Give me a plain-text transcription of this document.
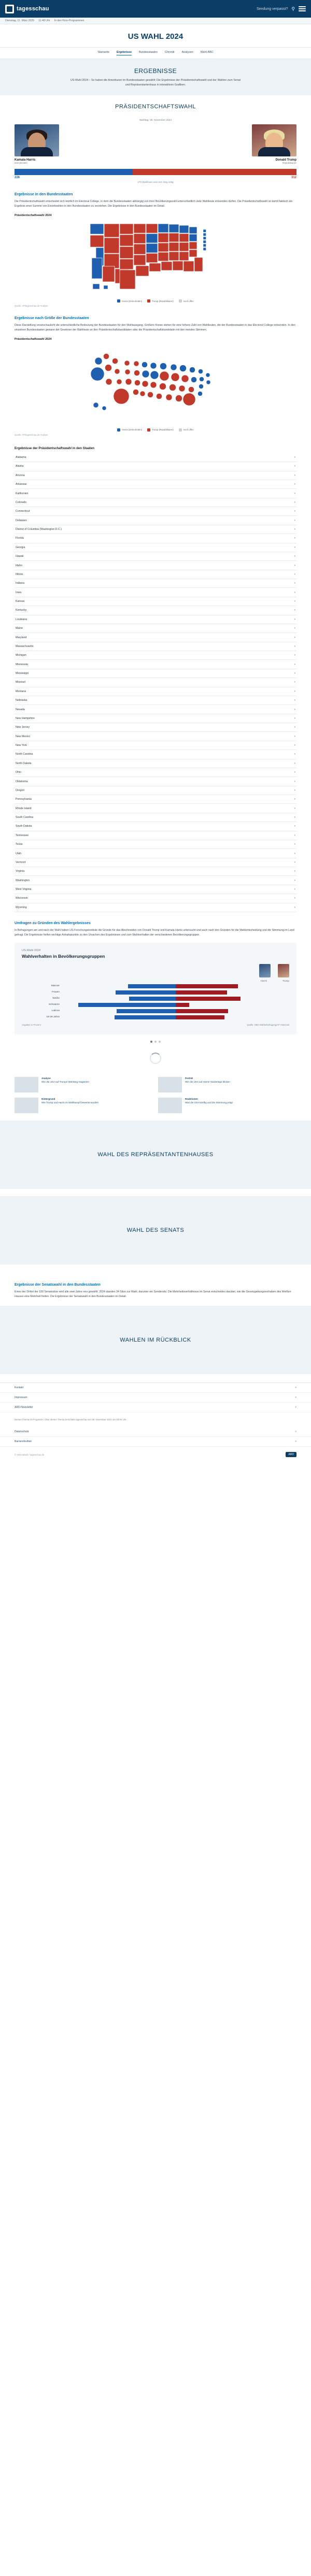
tagesschau	Sendung verpasst? ⚲
Dienstag, 11. März 2025 11:48 Uhr In den Kino-Programmen
US WAHL 2024
Startseite	Ergebnisse	Bundesstaaten	Chronik	Analysen	Wahl-ABC
ERGEBNISSE

US-Wahl 2024 – So haben die Amerikaner im Bundesstaaten gewählt: Die Ergebnisse der Präsidentschaftswahl und der Wahlen zum Senat und Repräsentantenhaus in interaktiven Grafiken.

PRÄSIDENTSCHAFTSWAHL
Wahltag: 05. November 2024
Kamala Harris
Demokraten
Donald Trump
Republikaner
226	312
270 Wahlleute sind zum Sieg nötig
Ergebnisse in den Bundesstaaten

Die Präsidentschaftswahl entscheidet sich letztlich im Electoral College, in dem die Bundesstaaten abhängig von ihrer Bevölkerungszahl unterschiedlich viele Wahlleute entsenden dürfen. Die Präsidentschaftswahl ist damit faktisch als Ergebnis einer Summe von Einzelwahlen in den Bundesstaaten zu verstehen. Die Ergebnisse in den Bundesstaaten im Detail.

Präsidentschaftswahl 2024
Harris (Demokraten)	Trump (Republikaner)	noch offen
Quelle: AP/tagesschau.de-Analyse
Ergebnisse nach Größe der Bundesstaaten

Diese Darstellung veranschaulicht die unterschiedliche Bedeutung der Bundesstaaten für den Wahlausgang. Größere Kreise stehen für eine höhere Zahl von Wahlleuten, die der Bundesstaaten in das Electoral College entsenden. In den einzelnen Bundesstaaten gewann der Gewinner der Wahlleute an den Präsidentschaftskandidaten oder die Präsidentschaftskandidatin mit den meisten Stimmen.

Präsidentschaftswahl 2024
Harris (Demokraten)	Trump (Republikaner)	noch offen
Quelle: AP/tagesschau.de-Analyse
Ergebnisse der Präsidentschaftswahl in den Staaten
Alabama	▾
Alaska	▾
Arizona	▾
Arkansas	▾
Kalifornien	▾
Colorado	▾
Connecticut	▾
Delaware	▾
District of Columbia (Washington D.C.)	▾
Florida	▾
Georgia	▾
Hawaii	▾
Idaho	▾
Illinois	▾
Indiana	▾
Iowa	▾
Kansas	▾
Kentucky	▾
Louisiana	▾
Maine	▾
Maryland	▾
Massachusetts	▾
Michigan	▾
Minnesota	▾
Mississippi	▾
Missouri	▾
Montana	▾
Nebraska	▾
Nevada	▾
New Hampshire	▾
New Jersey	▾
New Mexico	▾
New York	▾
North Carolina	▾
North Dakota	▾
Ohio	▾
Oklahoma	▾
Oregon	▾
Pennsylvania	▾
Rhode Island	▾
South Carolina	▾
South Dakota	▾
Tennessee	▾
Texas	▾
Utah	▾
Vermont	▾
Virginia	▾
Washington	▾
West Virginia	▾
Wisconsin	▾
Wyoming	▾
Umfragen zu Gründen des Wahlergebnisses

In Befragungen am und nach der Wahl haben US-Forschungsinstitute die Gründe für das Abschneiden von Donald Trump und Kamala Harris untersucht und auch nach den Gründen für die Wahlentscheidung und die Stimmung im Land gefragt. Die Ergebnisse helfen wichtige Anhaltspunkte zu den Ursachen des Ergebnisses und zum Wahlverhalten der verschiedenen Bevölkerungsgruppen.

US-Wahl 2024
Wahlverhalten in Bevölkerungsgruppen
Harris	Trump
Männer
Frauen
Weiße
Schwarze
Latinos
18-29 Jahre
Angaben in Prozent	Quelle: NBC-Wählerbefragung/AP VoteCast
Analyse
Wie die USA auf Trumps Wahlsieg reagierten
Porträt
Wie die USA auf Harris' Niederlage blicken
Hintergrund
Wie Trump und Harris im Wahlkampf bewertet wurden
Reaktionen
Was die USA künftig und die Stimmung prägt
WAHL DES REPRÄSENTANTENHAUSES
WAHL DES SENATS
Ergebnisse der Senatswahl in den Bundesstaaten

Eines der Drittel der 100 Senatssitze wird alle zwei Jahre neu gewählt. 2024 standen 34 Sitze zur Wahl, darunter ein Sondersitz. Die Mehrheitsverhältnisse im Senat entscheiden darüber, wie die Gesetzgebungsvorhaben des Weißen Hauses eine Mehrheit finden. Die Ergebnisse der Senatswahl in den Bundesstaaten im Detail.

WAHLEN IM RÜCKBLICK
Kontakt	▾
Impressum	▾
ARD-Newsletter	▾
Dieses Thema im Programm: Über dieses Thema berichtete tagesschau am 06. November 2024 um 20:00 Uhr.
Datenschutz	▾
Barrierefreiheit	▾
© ARD-aktuell / tagesschau.de	ARD
